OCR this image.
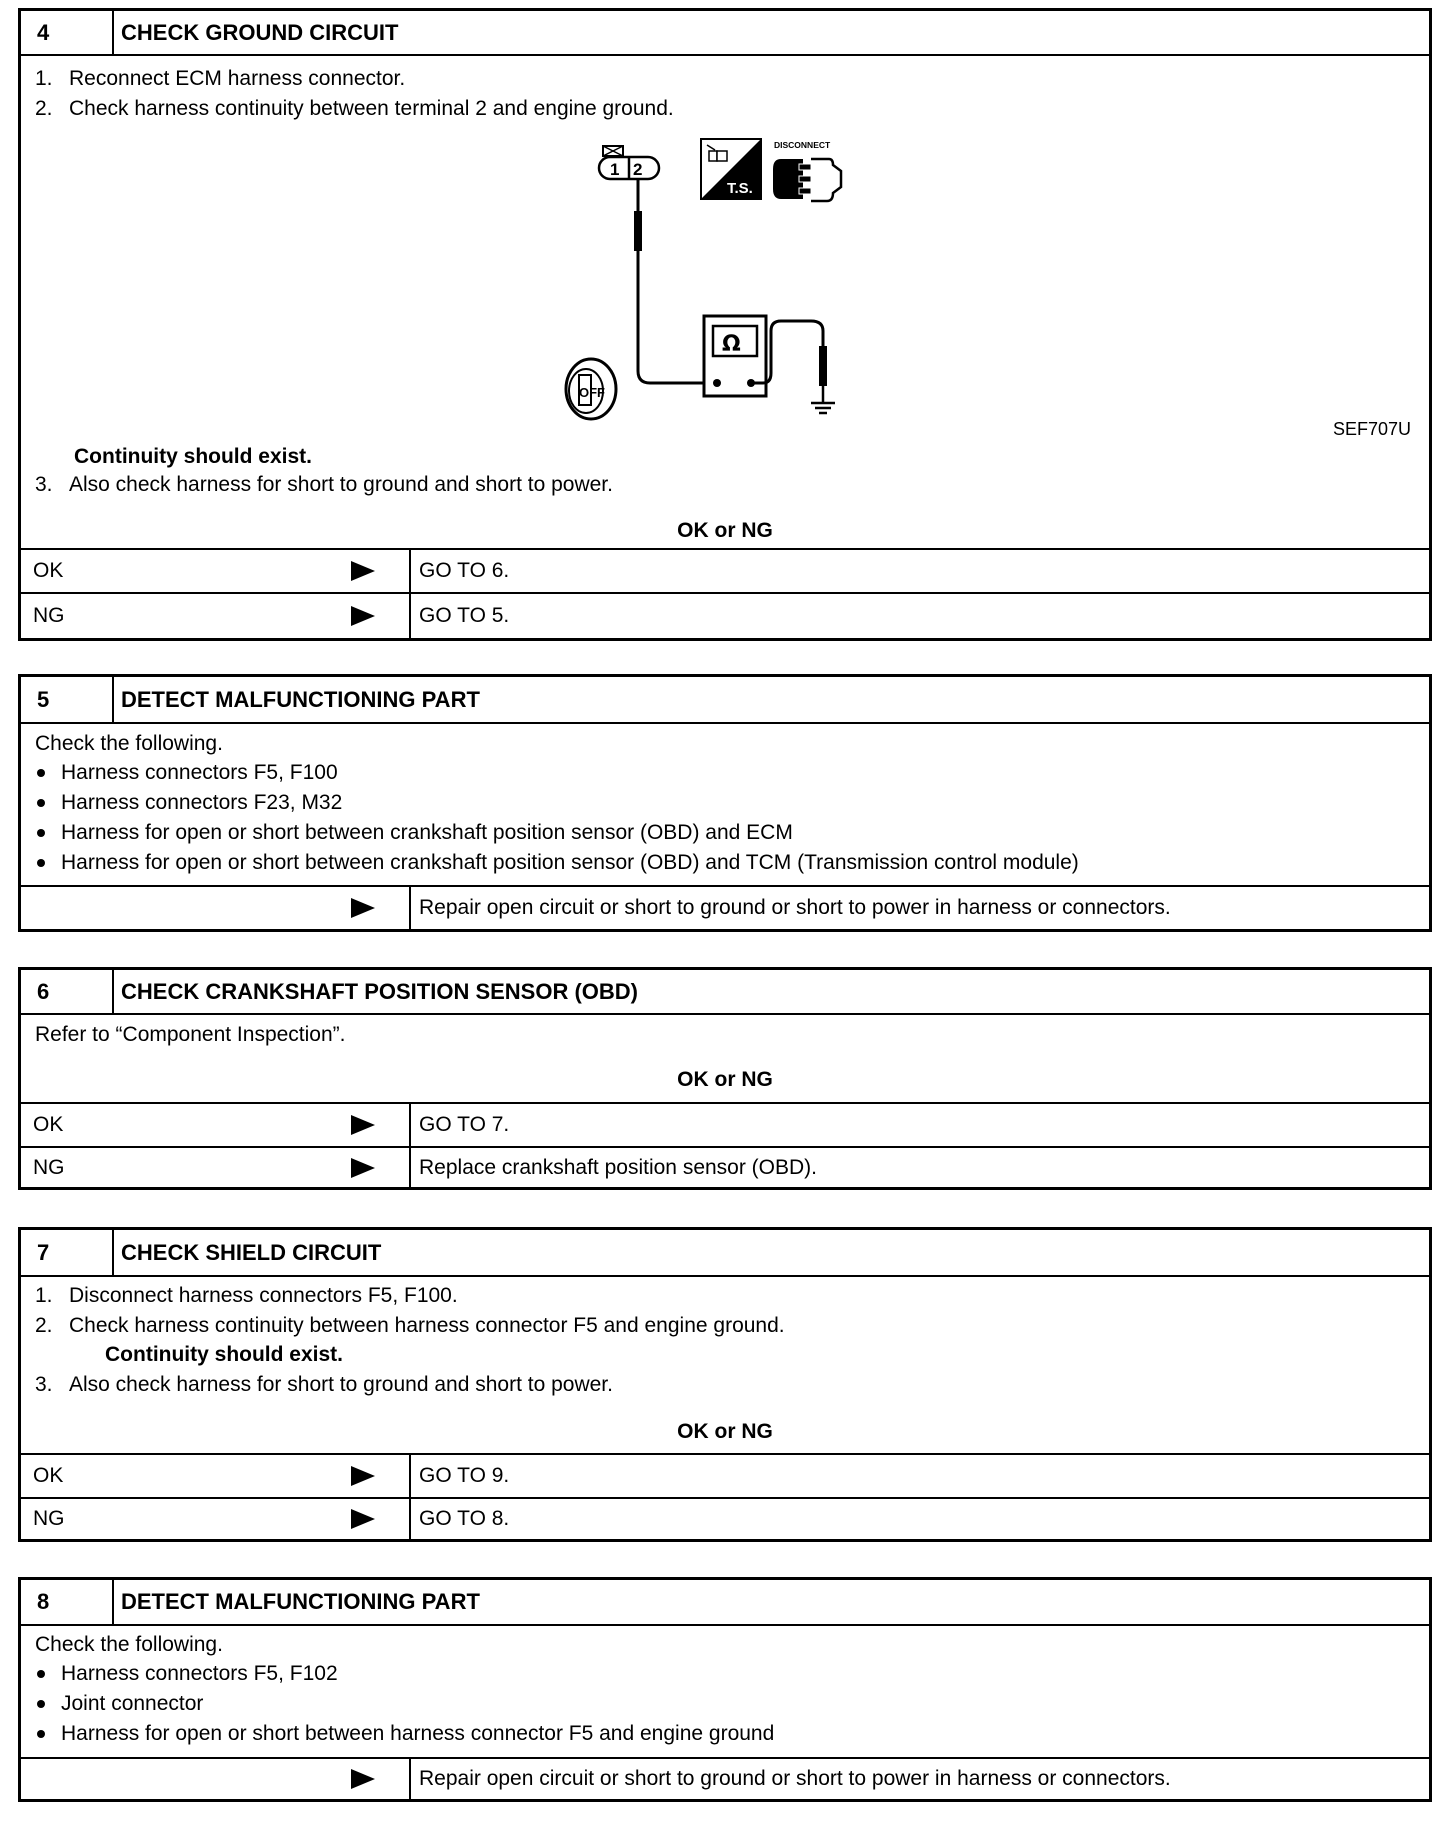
4	CHECK GROUND CIRCUIT
1. Reconnect ECM harness connector.
2. Check harness continuity between terminal 2 and engine ground.
1 2
Ω
OFF
T.S.
DISCONNECT
SEF707U
Continuity should exist.
3. Also check harness for short to ground and short to power.
OK or NG
OK	GO TO 6.
NG	GO TO 5.
5	DETECT MALFUNCTIONING PART
Check the following.
Harness connectors F5, F100
Harness connectors F23, M32
Harness for open or short between crankshaft position sensor (OBD) and ECM
Harness for open or short between crankshaft position sensor (OBD) and TCM (Transmission control module)
Repair open circuit or short to ground or short to power in harness or connectors.
6	CHECK CRANKSHAFT POSITION SENSOR (OBD)
Refer to “Component Inspection”.
OK or NG
OK	GO TO 7.
NG	Replace crankshaft position sensor (OBD).
7	CHECK SHIELD CIRCUIT
1. Disconnect harness connectors F5, F100.
2. Check harness continuity between harness connector F5 and engine ground.
Continuity should exist.
3. Also check harness for short to ground and short to power.
OK or NG
OK	GO TO 9.
NG	GO TO 8.
8	DETECT MALFUNCTIONING PART
Check the following.
Harness connectors F5, F102
Joint connector
Harness for open or short between harness connector F5 and engine ground
Repair open circuit or short to ground or short to power in harness or connectors.
